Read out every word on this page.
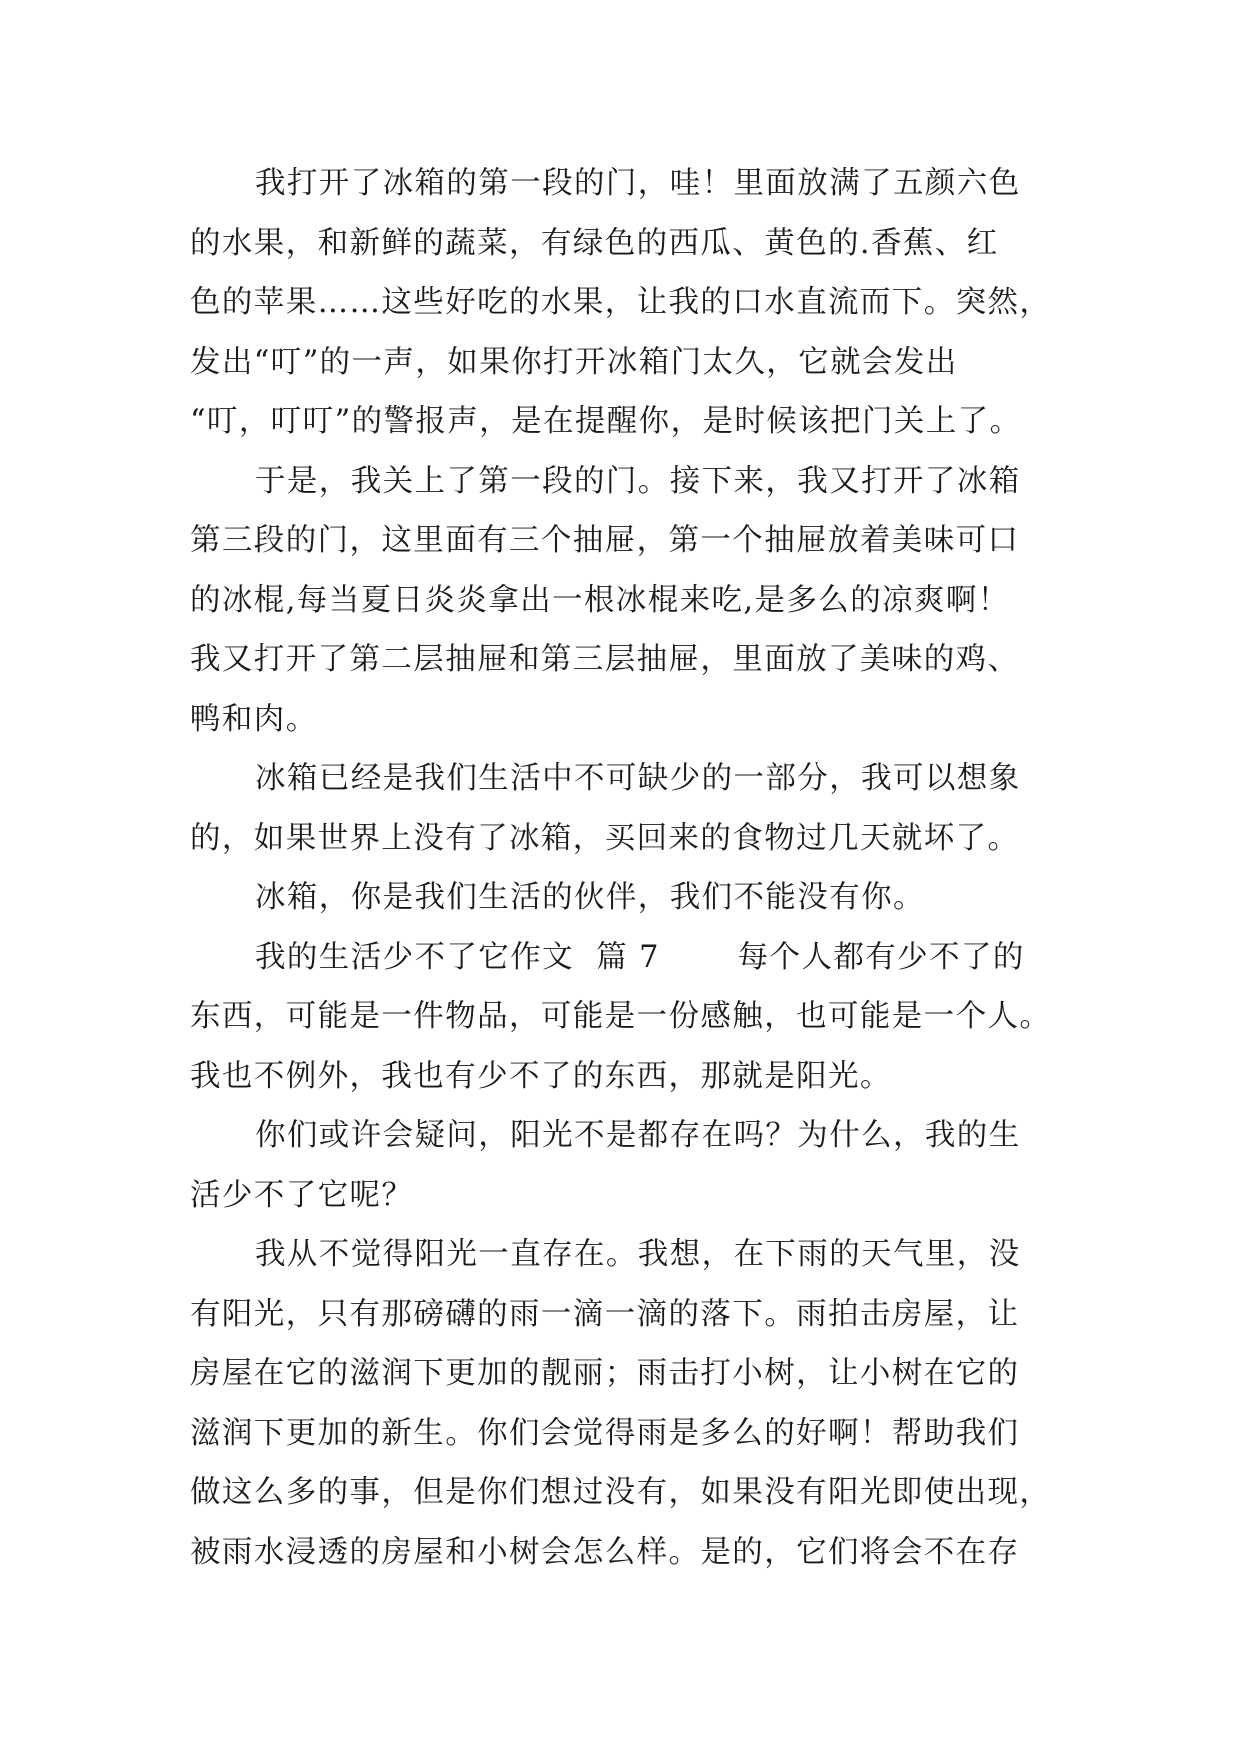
我打开了冰箱的第一段的门，哇！里面放满了五颜六色
的水果，和新鲜的蔬菜，有绿色的西瓜、黄色的.香蕉、红
色的苹果……这些好吃的水果，让我的口水直流而下。突然，
发出“叮”的一声，如果你打开冰箱门太久，它就会发出
“叮，叮叮”的警报声，是在提醒你，是时候该把门关上了。
于是，我关上了第一段的门。接下来，我又打开了冰箱
第三段的门，这里面有三个抽屉，第一个抽屉放着美味可口
的冰棍,每当夏日炎炎拿出一根冰棍来吃,是多么的凉爽啊！
我又打开了第二层抽屉和第三层抽屉，里面放了美味的鸡、
鸭和肉。
冰箱已经是我们生活中不可缺少的一部分，我可以想象
的，如果世界上没有了冰箱，买回来的食物过几天就坏了。
冰箱，你是我们生活的伙伴，我们不能没有你。
我的生活少不了它作文  篇 7       每个人都有少不了的
东西，可能是一件物品，可能是一份感触，也可能是一个人。
我也不例外，我也有少不了的东西，那就是阳光。
你们或许会疑问，阳光不是都存在吗？为什么，我的生
活少不了它呢？
我从不觉得阳光一直存在。我想，在下雨的天气里，没
有阳光，只有那磅礴的雨一滴一滴的落下。雨拍击房屋，让
房屋在它的滋润下更加的靓丽；雨击打小树，让小树在它的
滋润下更加的新生。你们会觉得雨是多么的好啊！帮助我们
做这么多的事，但是你们想过没有，如果没有阳光即使出现，
被雨水浸透的房屋和小树会怎么样。是的，它们将会不在存
